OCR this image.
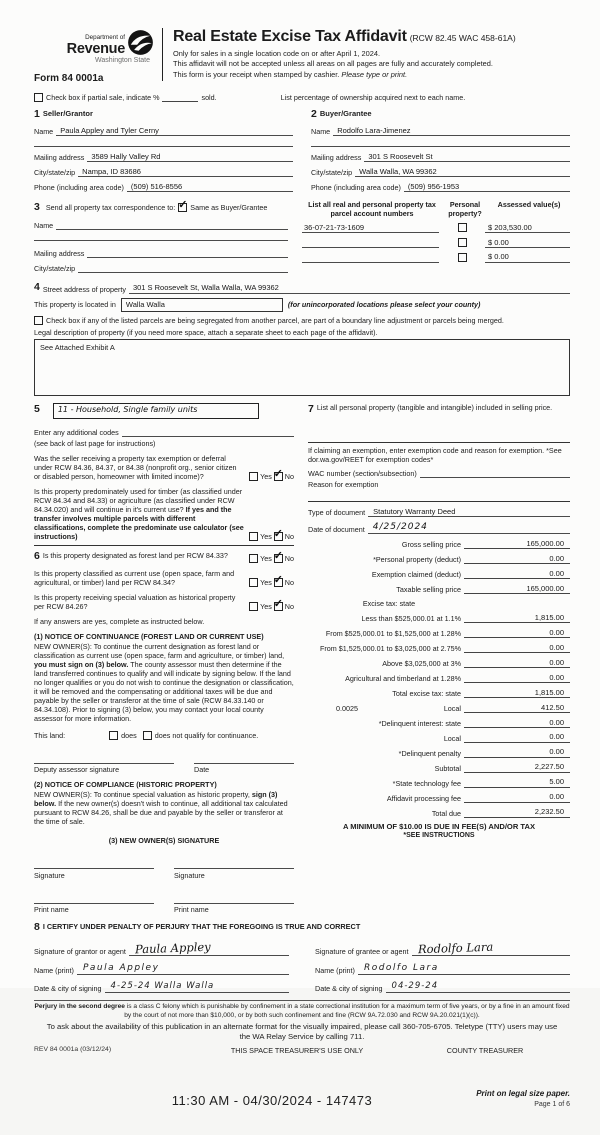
Department of
Revenue
Washington State
Form 84 0001a
Real Estate Excise Tax Affidavit (RCW 82.45 WAC 458-61A)
Only for sales in a single location code on or after April 1, 2024.
This affidavit will not be accepted unless all areas on all pages are fully and accurately completed.
This form is your receipt when stamped by cashier. Please type or print.
Check box if partial sale, indicate %	sold.	List percentage of ownership acquired next to each name.
1 Seller/Grantor
Name Paula Appley and Tyler Cerny
Mailing address 3589 Hally Valley Rd
City/state/zip Nampa, ID 83686
Phone (including area code) (509) 516-8556
2 Buyer/Grantee
Name Rodolfo Lara-Jimenez
Mailing address 301 S Roosevelt St
City/state/zip Walla Walla, WA 99362
Phone (including area code) (509) 956-1953
3 Send all property tax correspondence to: ✓ Same as Buyer/Grantee
Name
Mailing address
City/state/zip
List all real and personal property tax parcel account numbers
Personal property?
Assessed value(s)
36-07-21-73-1609	$ 203,530.00
$ 0.00
$ 0.00
4 Street address of property 301 S Roosevelt St, Walla Walla, WA 99362
This property is located in	Walla Walla	(for unincorporated locations please select your county)
Check box if any of the listed parcels are being segregated from another parcel, are part of a boundary line adjustment or parcels being merged.
Legal description of property (if you need more space, attach a separate sheet to each page of the affidavit).
See Attached Exhibit A
5	11 - Household, Single family units
Enter any additional codes
(see back of last page for instructions)
Was the seller receiving a property tax exemption or deferral under RCW 84.36, 84.37, or 84.38 (nonprofit org., senior citizen or disabled person, homeowner with limited income)?	Yes ✓ No
Is this property predominately used for timber (as classified under RCW 84.34 and 84.33) or agriculture (as classified under RCW 84.34.020) and will continue in it's current use? If yes and the transfer involves multiple parcels with different classifications, complete the predominate use calculator (see instructions)	Yes ✓ No
6 Is this property designated as forest land per RCW 84.33?	Yes ✓ No
Is this property classified as current use (open space, farm and agricultural, or timber) land per RCW 84.34?	Yes ✓ No
Is this property receiving special valuation as historical property per RCW 84.26?	Yes ✓ No
If any answers are yes, complete as instructed below.
(1) NOTICE OF CONTINUANCE (FOREST LAND OR CURRENT USE)
NEW OWNER(S): To continue the current designation as forest land or classification as current use (open space, farm and agriculture, or timber) land, you must sign on (3) below. The county assessor must then determine if the land transferred continues to qualify and will indicate by signing below. If the land no longer qualifies or you do not wish to continue the designation or classification, it will be removed and the compensating or additional taxes will be due and payable by the seller or transferor at the time of sale (RCW 84.33.140 or 84.34.108). Prior to signing (3) below, you may contact your local county assessor for more information.
This land:	does	does not qualify for continuance.
Deputy assessor signature	Date
(2) NOTICE OF COMPLIANCE (HISTORIC PROPERTY)
NEW OWNER(S): To continue special valuation as historic property, sign (3) below. If the new owner(s) doesn't wish to continue, all additional tax calculated pursuant to RCW 84.26, shall be due and payable by the seller or transferor at the time of sale.
(3) NEW OWNER(S) SIGNATURE
Signature	Signature
Print name	Print name
7 List all personal property (tangible and intangible) included in selling price.
If claiming an exemption, enter exemption code and reason for exemption. *See dor.wa.gov/REET for exemption codes*
WAC number (section/subsection)
Reason for exemption
Type of document	Statutory Warranty Deed
Date of document 4/25/2024
Gross selling price	165,000.00
*Personal property (deduct)	0.00
Exemption claimed (deduct)	0.00
Taxable selling price	165,000.00
Excise tax: state
Less than $525,000.01 at 1.1%	1,815.00
From $525,000.01 to $1,525,000 at 1.28%	0.00
From $1,525,000.01 to $3,025,000 at 2.75%	0.00
Above $3,025,000 at 3%	0.00
Agricultural and timberland at 1.28%	0.00
Total excise tax: state	1,815.00
0.0025	Local	412.50
*Delinquent interest: state	0.00
Local	0.00
*Delinquent penalty	0.00
Subtotal	2,227.50
*State technology fee	5.00
Affidavit processing fee	0.00
Total due	2,232.50
A MINIMUM OF $10.00 IS DUE IN FEE(S) AND/OR TAX
*SEE INSTRUCTIONS
8 I CERTIFY UNDER PENALTY OF PERJURY THAT THE FOREGOING IS TRUE AND CORRECT
Signature of grantor or agent Paula Appley
Name (print)	Paula Appley
Date & city of signing	4-25-24 Walla Walla
Signature of grantee or agent Rodolfo Lara
Name (print)	Rodolfo Lara
Date & city of signing	04-29-24
Perjury in the second degree is a class C felony which is punishable by confinement in a state correctional institution for a maximum term of five years, or by a fine in an amount fixed by the court of not more than $10,000, or by both such confinement and fine (RCW 9A.72.030 and RCW 9A.20.021(1)(c)).
To ask about the availability of this publication in an alternate format for the visually impaired, please call 360-705-6705. Teletype (TTY) users may use the WA Relay Service by calling 711.
REV 84 0001a (03/12/24)	THIS SPACE TREASURER'S USE ONLY	COUNTY TREASURER
11:30 AM - 04/30/2024 - 147473	Print on legal size paper.
Page 1 of 6
